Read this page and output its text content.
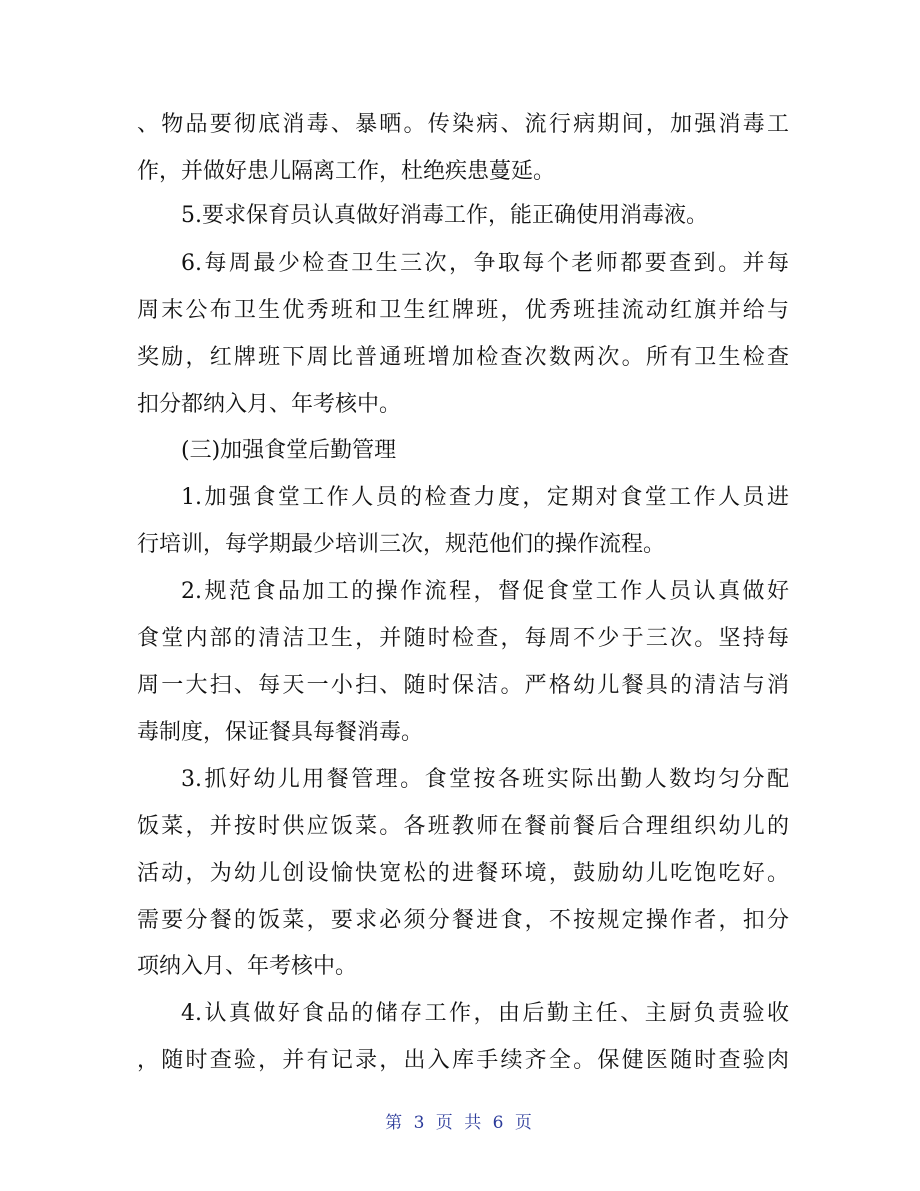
、物品要彻底消毒、暴晒。传染病、流行病期间，加强消毒工
作，并做好患儿隔离工作，杜绝疾患蔓延。
5.要求保育员认真做好消毒工作，能正确使用消毒液。
6.每周最少检查卫生三次，争取每个老师都要查到。并每
周末公布卫生优秀班和卫生红牌班，优秀班挂流动红旗并给与
奖励，红牌班下周比普通班增加检查次数两次。所有卫生检查
扣分都纳入月、年考核中。
(三)加强食堂后勤管理
1.加强食堂工作人员的检查力度，定期对食堂工作人员进
行培训，每学期最少培训三次，规范他们的操作流程。
2.规范食品加工的操作流程，督促食堂工作人员认真做好
食堂内部的清洁卫生，并随时检查，每周不少于三次。坚持每
周一大扫、每天一小扫、随时保洁。严格幼儿餐具的清洁与消
毒制度，保证餐具每餐消毒。
3.抓好幼儿用餐管理。食堂按各班实际出勤人数均匀分配
饭菜，并按时供应饭菜。各班教师在餐前餐后合理组织幼儿的
活动，为幼儿创设愉快宽松的进餐环境，鼓励幼儿吃饱吃好。
需要分餐的饭菜，要求必须分餐进食，不按规定操作者，扣分
项纳入月、年考核中。
4.认真做好食品的储存工作，由后勤主任、主厨负责验收
，随时查验，并有记录，出入库手续齐全。保健医随时查验肉
第 3 页 共 6 页
